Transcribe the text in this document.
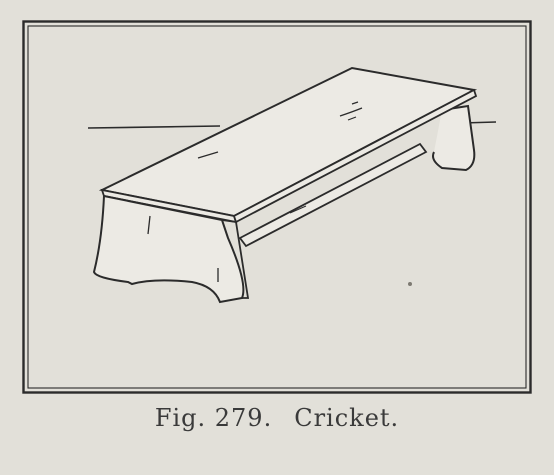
Fig. 279. Cricket.
